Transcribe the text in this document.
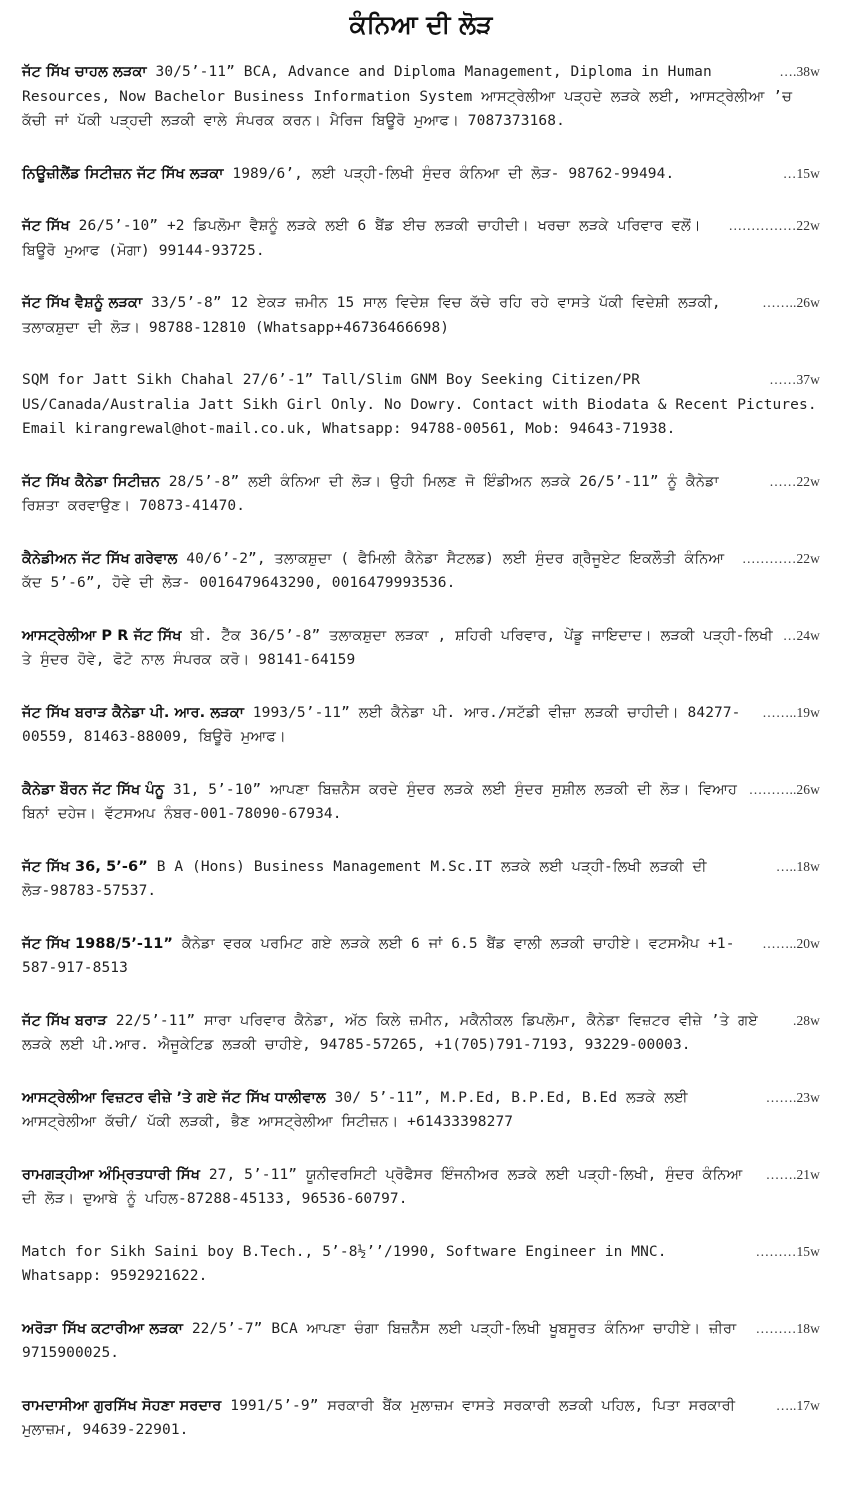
ਕੰਨਿਆ ਦੀ ਲੋੜ
….38w
ਜੱਟ ਸਿੱਖ ਚਾਹਲ ਲੜਕਾ 30/5’-11” BCA, Advance and Diploma Management, Diploma in Human Resources, Now Bachelor Business Information System ਆਸਟ੍ਰੇਲੀਆ ਪੜ੍ਹਦੇ ਲੜਕੇ ਲਈ, ਆਸਟ੍ਰੇਲੀਆ ’ਚ ਕੱਚੀ ਜਾਂ ਪੱਕੀ ਪੜ੍ਹਦੀ ਲੜਕੀ ਵਾਲੇ ਸੰਪਰਕ ਕਰਨ। ਮੈਰਿਜ ਬਿਊਰੋ ਮੁਆਫ। 7087373168.
…15w
ਨਿਊਜ਼ੀਲੈਂਡ ਸਿਟੀਜ਼ਨ ਜੱਟ ਸਿੱਖ ਲੜਕਾ 1989/6’, ਲਈ ਪੜ੍ਹੀ-ਲਿਖੀ ਸੁੰਦਰ ਕੰਨਿਆ ਦੀ ਲੋੜ- 98762-99494.
……………22w
ਜੱਟ ਸਿੱਖ 26/5’-10” +2 ਡਿਪਲੋਮਾ ਵੈਸ਼ਨੂੰ ਲੜਕੇ ਲਈ 6 ਬੈਂਡ ਈਚ ਲੜਕੀ ਚਾਹੀਦੀ। ਖਰਚਾ ਲੜਕੇ ਪਰਿਵਾਰ ਵਲੋਂ। ਬਿਊਰੋ ਮੁਆਫ (ਮੋਗਾ) 99144-93725.
……..26w
ਜੱਟ ਸਿੱਖ ਵੈਸ਼ਨੂੰ ਲੜਕਾ 33/5’-8” 12 ਏਕੜ ਜ਼ਮੀਨ 15 ਸਾਲ ਵਿਦੇਸ਼ ਵਿਚ ਕੱਚੇ ਰਹਿ ਰਹੇ ਵਾਸਤੇ ਪੱਕੀ ਵਿਦੇਸ਼ੀ ਲੜਕੀ, ਤਲਾਕਸ਼ੁਦਾ ਦੀ ਲੋੜ। 98788-12810 (Whatsapp+46736466698)
……37w
SQM for Jatt Sikh Chahal 27/6’-1” Tall/Slim GNM Boy Seeking Citizen/PR US/Canada/Australia Jatt Sikh Girl Only. No Dowry. Contact with Biodata & Recent Pictures. Email kirangrewal@hot-mail.co.uk, Whatsapp: 94788-00561, Mob: 94643-71938.
……22w
ਜੱਟ ਸਿੱਖ ਕੈਨੇਡਾ ਸਿਟੀਜ਼ਨ 28/5’-8” ਲਈ ਕੰਨਿਆ ਦੀ ਲੋੜ। ਉਹੀ ਮਿਲਣ ਜੋ ਇੰਡੀਅਨ ਲੜਕੇ 26/5’-11” ਨੂੰ ਕੈਨੇਡਾ ਰਿਸ਼ਤਾ ਕਰਵਾਉਣ। 70873-41470.
…………22w
ਕੈਨੇਡੀਅਨ ਜੱਟ ਸਿੱਖ ਗਰੇਵਾਲ 40/6’-2”, ਤਲਾਕਸ਼ੁਦਾ ( ਫੈਮਿਲੀ ਕੈਨੇਡਾ ਸੈਟਲਡ) ਲਈ ਸੁੰਦਰ ਗ੍ਰੈਜੂਏਟ ਇਕਲੌਤੀ ਕੰਨਿਆ ਕੱਦ 5’-6”, ਹੋਵੇ ਦੀ ਲੋੜ- 0016479643290, 0016479993536.
…24w
ਆਸਟ੍ਰੇਲੀਆ P R ਜੱਟ ਸਿੱਖ ਬੀ. ਟੈੱਕ 36/5’-8” ਤਲਾਕਸ਼ੁਦਾ ਲੜਕਾ , ਸ਼ਹਿਰੀ ਪਰਿਵਾਰ, ਪੇਂਡੂ ਜਾਇਦਾਦ। ਲੜਕੀ ਪੜ੍ਹੀ-ਲਿਖੀ ਤੇ ਸੁੰਦਰ ਹੋਵੇ, ਫੋਟੋ ਨਾਲ ਸੰਪਰਕ ਕਰੋ। 98141-64159
……..19w
ਜੱਟ ਸਿੱਖ ਬਰਾੜ ਕੈਨੇਡਾ ਪੀ. ਆਰ. ਲੜਕਾ 1993/5’-11” ਲਈ ਕੈਨੇਡਾ ਪੀ. ਆਰ./ਸਟੱਡੀ ਵੀਜ਼ਾ ਲੜਕੀ ਚਾਹੀਦੀ। 84277-00559, 81463-88009, ਬਿਊਰੋ ਮੁਆਫ।
………..26w
ਕੈਨੇਡਾ ਬੌਰਨ ਜੱਟ ਸਿੱਖ ਪੰਨੂ 31, 5’-10” ਆਪਣਾ ਬਿਜ਼ਨੈਸ ਕਰਦੇ ਸੁੰਦਰ ਲੜਕੇ ਲਈ ਸੁੰਦਰ ਸੁਸ਼ੀਲ ਲੜਕੀ ਦੀ ਲੋੜ। ਵਿਆਹ ਬਿਨਾਂ ਦਹੇਜ। ਵੱਟਸਅਪ ਨੰਬਰ-001-78090-67934.
…..18w
ਜੱਟ ਸਿੱਖ 36, 5’-6” B A (Hons) Business Management M.Sc.IT ਲੜਕੇ ਲਈ ਪੜ੍ਹੀ-ਲਿਖੀ ਲੜਕੀ ਦੀ ਲੋੜ-98783-57537.
……..20w
ਜੱਟ ਸਿੱਖ 1988/5’-11” ਕੈਨੇਡਾ ਵਰਕ ਪਰਮਿਟ ਗਏ ਲੜਕੇ ਲਈ 6 ਜਾਂ 6.5 ਬੈਂਡ ਵਾਲੀ ਲੜਕੀ ਚਾਹੀਏ। ਵਟਸਐਪ +1-587-917-8513
.28w
ਜੱਟ ਸਿੱਖ ਬਰਾੜ 22/5’-11” ਸਾਰਾ ਪਰਿਵਾਰ ਕੈਨੇਡਾ, ਅੱਠ ਕਿਲੇ ਜ਼ਮੀਨ, ਮਕੈਨੀਕਲ ਡਿਪਲੋਮਾ, ਕੈਨੇਡਾ ਵਿਜ਼ਟਰ ਵੀਜ਼ੇ ’ਤੇ ਗਏ ਲੜਕੇ ਲਈ ਪੀ.ਆਰ. ਐਜੂਕੇਟਿਡ ਲੜਕੀ ਚਾਹੀਏ, 94785-57265, +1(705)791-7193, 93229-00003.
…….23w
ਆਸਟ੍ਰੇਲੀਆ ਵਿਜ਼ਟਰ ਵੀਜ਼ੇ ’ਤੇ ਗਏ ਜੱਟ ਸਿੱਖ ਧਾਲੀਵਾਲ 30/ 5’-11”, M.P.Ed, B.P.Ed, B.Ed ਲੜਕੇ ਲਈ ਆਸਟ੍ਰੇਲੀਆ ਕੱਚੀ/ ਪੱਕੀ ਲੜਕੀ, ਭੈਣ ਆਸਟ੍ਰੇਲੀਆ ਸਿਟੀਜ਼ਨ। +61433398277
…….21w
ਰਾਮਗੜ੍ਹੀਆ ਅੰਮ੍ਰਿਤਧਾਰੀ ਸਿੱਖ 27, 5’-11” ਯੂਨੀਵਰਸਿਟੀ ਪ੍ਰੋਫੈਸਰ ਇੰਜਨੀਅਰ ਲੜਕੇ ਲਈ ਪੜ੍ਹੀ-ਲਿਖੀ, ਸੁੰਦਰ ਕੰਨਿਆ ਦੀ ਲੋੜ। ਦੁਆਬੇ ਨੂੰ ਪਹਿਲ-87288-45133, 96536-60797.
………15w
Match for Sikh Saini boy B.Tech., 5’-8½’’/1990, Software Engineer in MNC. Whatsapp: 9592921622.
………18w
ਅਰੋੜਾ ਸਿੱਖ ਕਟਾਰੀਆ ਲੜਕਾ 22/5’-7” BCA ਆਪਣਾ ਚੰਗਾ ਬਿਜ਼ਨੈੱਸ ਲਈ ਪੜ੍ਹੀ-ਲਿਖੀ ਖੂਬਸੂਰਤ ਕੰਨਿਆ ਚਾਹੀਏ। ਜ਼ੀਰਾ 9715900025.
…..17w
ਰਾਮਦਾਸੀਆ ਗੁਰਸਿੱਖ ਸੋਹਣਾ ਸਰਦਾਰ 1991/5’-9” ਸਰਕਾਰੀ ਬੈਂਕ ਮੁਲਾਜ਼ਮ ਵਾਸਤੇ ਸਰਕਾਰੀ ਲੜਕੀ ਪਹਿਲ, ਪਿਤਾ ਸਰਕਾਰੀ ਮੁਲਾਜ਼ਮ, 94639-22901.
